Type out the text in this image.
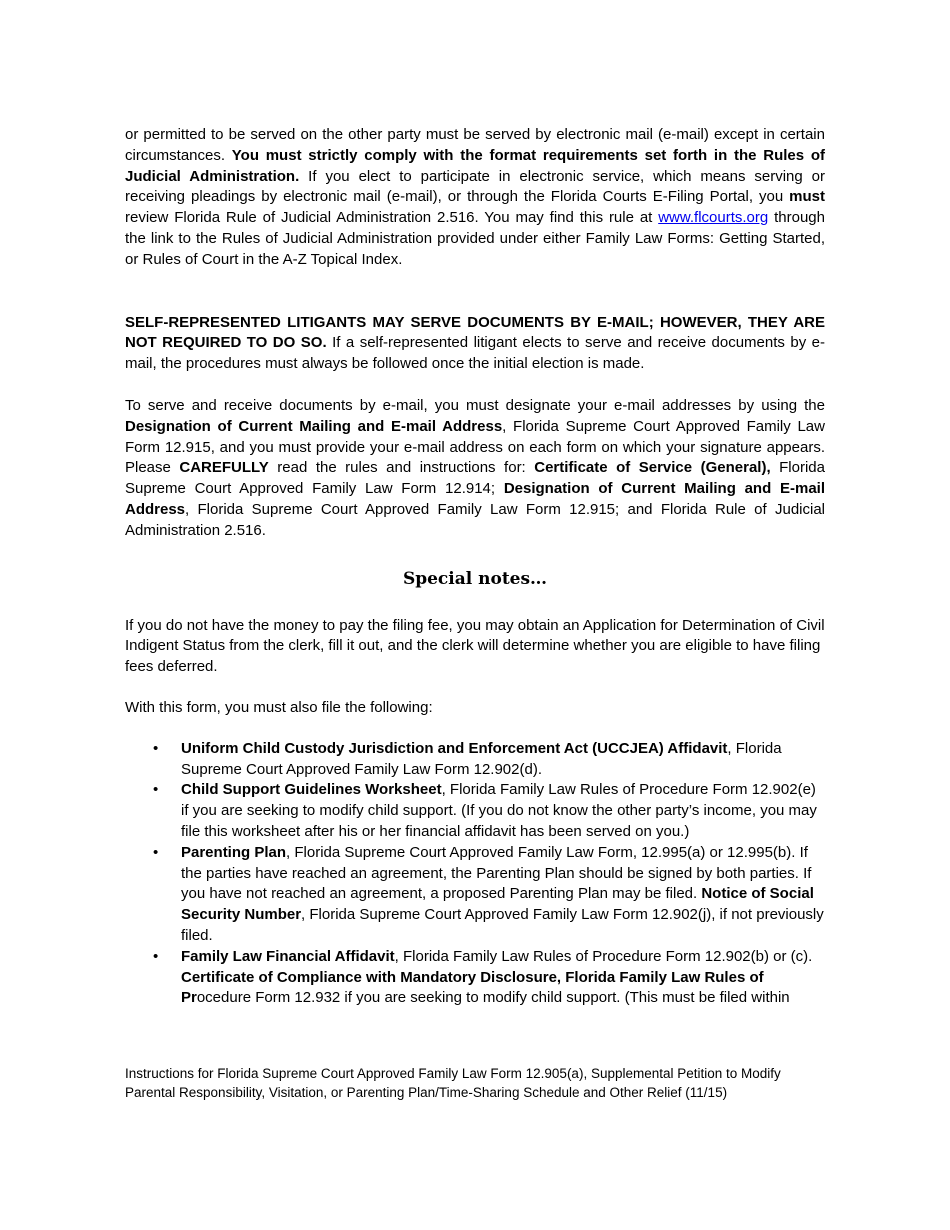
or permitted to be served on the other party must be served by electronic mail (e-mail) except in certain circumstances. You must strictly comply with the format requirements set forth in the Rules of Judicial Administration. If you elect to participate in electronic service, which means serving or receiving pleadings by electronic mail (e-mail), or through the Florida Courts E-Filing Portal, you must review Florida Rule of Judicial Administration 2.516. You may find this rule at www.flcourts.org through the link to the Rules of Judicial Administration provided under either Family Law Forms: Getting Started, or Rules of Court in the A-Z Topical Index.

SELF-REPRESENTED LITIGANTS MAY SERVE DOCUMENTS BY E-MAIL; HOWEVER, THEY ARE NOT REQUIRED TO DO SO. If a self-represented litigant elects to serve and receive documents by e-mail, the procedures must always be followed once the initial election is made.

To serve and receive documents by e-mail, you must designate your e-mail addresses by using the Designation of Current Mailing and E-mail Address, Florida Supreme Court Approved Family Law Form 12.915, and you must provide your e-mail address on each form on which your signature appears. Please CAREFULLY read the rules and instructions for: Certificate of Service (General), Florida Supreme Court Approved Family Law Form 12.914; Designation of Current Mailing and E-mail Address, Florida Supreme Court Approved Family Law Form 12.915; and Florida Rule of Judicial Administration 2.516.

Special notes…

If you do not have the money to pay the filing fee, you may obtain an Application for Determination of Civil Indigent Status from the clerk, fill it out, and the clerk will determine whether you are eligible to have filing fees deferred.

With this form, you must also file the following:

• Uniform Child Custody Jurisdiction and Enforcement Act (UCCJEA) Affidavit, Florida Supreme Court Approved Family Law Form 12.902(d).
• Child Support Guidelines Worksheet, Florida Family Law Rules of Procedure Form 12.902(e) if you are seeking to modify child support. (If you do not know the other party’s income, you may file this worksheet after his or her financial affidavit has been served on you.)
• Parenting Plan, Florida Supreme Court Approved Family Law Form, 12.995(a) or 12.995(b). If the parties have reached an agreement, the Parenting Plan should be signed by both parties. If you have not reached an agreement, a proposed Parenting Plan may be filed. Notice of Social Security Number, Florida Supreme Court Approved Family Law Form 12.902(j), if not previously filed.
• Family Law Financial Affidavit, Florida Family Law Rules of Procedure Form 12.902(b) or (c). Certificate of Compliance with Mandatory Disclosure, Florida Family Law Rules of Procedure Form 12.932 if you are seeking to modify child support. (This must be filed within
Instructions for Florida Supreme Court Approved Family Law Form 12.905(a), Supplemental Petition to Modify
Parental Responsibility, Visitation, or Parenting Plan/Time-Sharing Schedule and Other Relief (11/15)
